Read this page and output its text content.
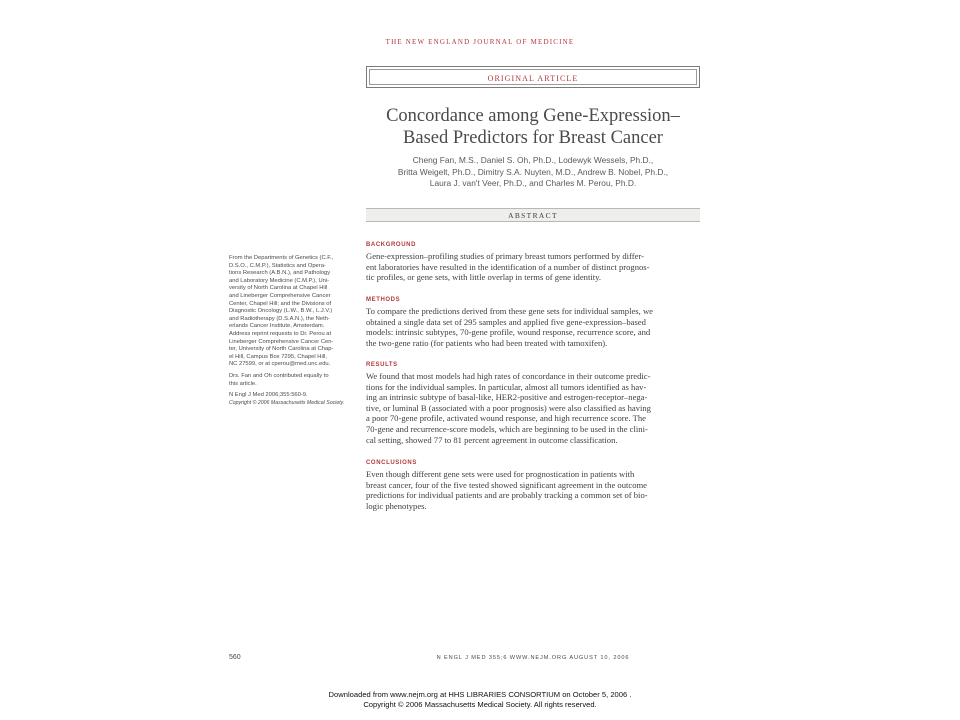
THE NEW ENGLAND JOURNAL OF MEDICINE
ORIGINAL ARTICLE
Concordance among Gene-Expression–
Based Predictors for Breast Cancer
Cheng Fan, M.S., Daniel S. Oh, Ph.D., Lodewyk Wessels, Ph.D.,
Britta Weigelt, Ph.D., Dimitry S.A. Nuyten, M.D., Andrew B. Nobel, Ph.D.,
Laura J. van't Veer, Ph.D., and Charles M. Perou, Ph.D.
ABSTRACT
From the Departments of Genetics (C.F.,
D.S.O., C.M.P.), Statistics and Opera-
tions Research (A.B.N.), and Pathology
and Laboratory Medicine (C.M.P.), Uni-
versity of North Carolina at Chapel Hill
and Lineberger Comprehensive Cancer
Center, Chapel Hill; and the Divisions of
Diagnostic Oncology (L.W., B.W., L.J.V.)
and Radiotherapy (D.S.A.N.), the Neth-
erlands Cancer Institute, Amsterdam.
Address reprint requests to Dr. Perou at
Lineberger Comprehensive Cancer Cen-
ter, University of North Carolina at Chap-
el Hill, Campus Box 7295, Chapel Hill,
NC 27599, or at cperou@med.unc.edu.
Drs. Fan and Oh contributed equally to
this article.
N Engl J Med 2006;355:560-9.
Copyright © 2006 Massachusetts Medical Society.
BACKGROUND
Gene-expression–profiling studies of primary breast tumors performed by differ-
ent laboratories have resulted in the identification of a number of distinct prognos-
tic profiles, or gene sets, with little overlap in terms of gene identity.
METHODS
To compare the predictions derived from these gene sets for individual samples, we
obtained a single data set of 295 samples and applied five gene-expression–based
models: intrinsic subtypes, 70-gene profile, wound response, recurrence score, and
the two-gene ratio (for patients who had been treated with tamoxifen).
RESULTS
We found that most models had high rates of concordance in their outcome predic-
tions for the individual samples. In particular, almost all tumors identified as hav-
ing an intrinsic subtype of basal-like, HER2-positive and estrogen-receptor–nega-
tive, or luminal B (associated with a poor prognosis) were also classified as having
a poor 70-gene profile, activated wound response, and high recurrence score. The
70-gene and recurrence-score models, which are beginning to be used in the clini-
cal setting, showed 77 to 81 percent agreement in outcome classification.
CONCLUSIONS
Even though different gene sets were used for prognostication in patients with
breast cancer, four of the five tested showed significant agreement in the outcome
predictions for individual patients and are probably tracking a common set of bio-
logic phenotypes.
560	N ENGL J MED 355;6 WWW.NEJM.ORG AUGUST 10, 2006
Downloaded from www.nejm.org at HHS LIBRARIES CONSORTIUM on October 5, 2006 .
Copyright © 2006 Massachusetts Medical Society. All rights reserved.
